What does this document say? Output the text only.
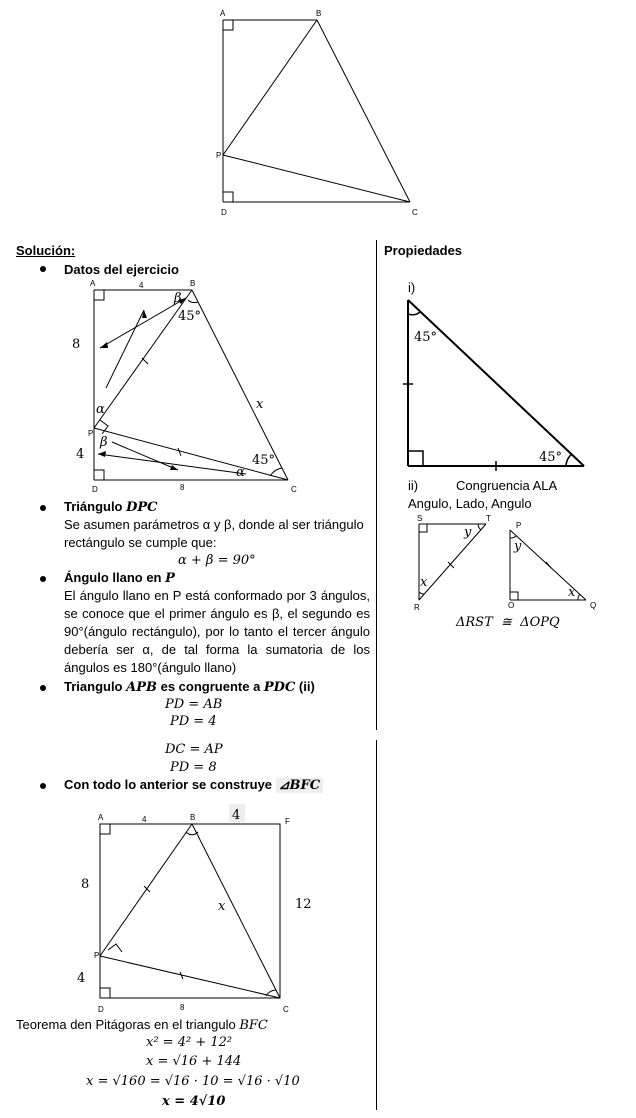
A	B
P
D	C
Solución:
Datos del ejercicio
A	B
P
D	C
4
8
8
4
β
45°
α
β
x
45°
α
Triángulo DPC
Se asumen parámetros α y β, donde al ser triángulo
rectángulo se cumple que:
α + β = 90°
Ángulo llano en P
El ángulo llano en P está conformado por 3 ángulos, se conoce que el primer ángulo es β, el segundo es 90°(ángulo rectángulo), por lo tanto el tercer ángulo debería ser α, de tal forma la sumatoria de los ángulos es 180°(ángulo llano)
Triangulo APB es congruente a PDC (ii)
PD = AB
PD = 4
DC = AP
PD = 8
Con todo lo anterior se construye ⊿BFC
A	B	F
P
D	C
4	4
8
8
4
12
x
Teorema den Pitágoras en el triangulo BFC
x² = 4² + 12²
x = √16 + 144
x = √160 = √16 · 10 = √16 · √10
x = 4√10
Propiedades
i)
45°
45°
ii)	Congruencia ALA
Angulo, Lado, Angulo
S	T
R
y
x
P
O	Q
y
x
ΔRST  ≅  ΔOPQ
